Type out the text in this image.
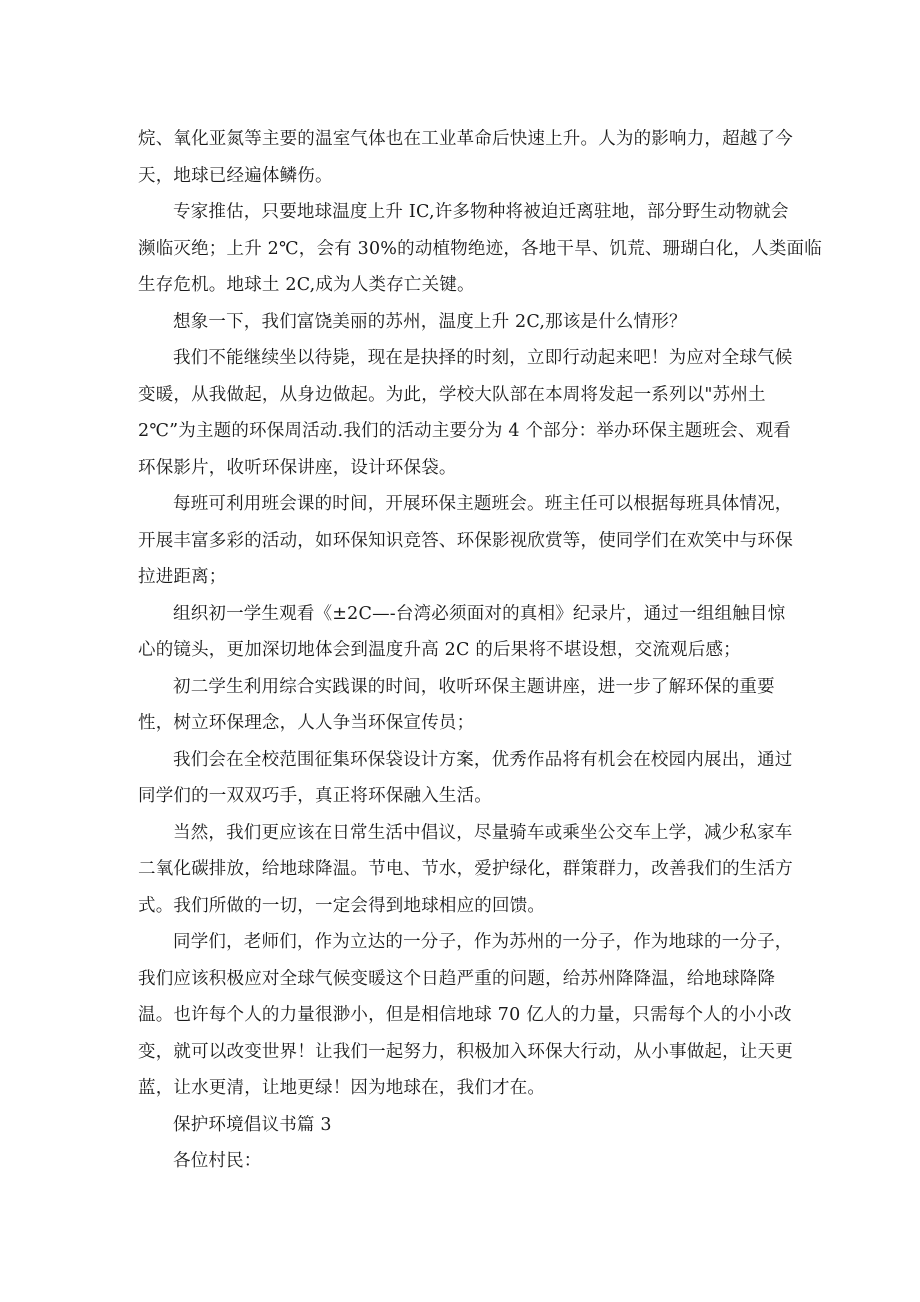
烷、氧化亚氮等主要的温室气体也在工业革命后快速上升。人为的影响力，超越了今
天，地球已经遍体鳞伤。
专家推估，只要地球温度上升 IC,许多物种将被迫迁离驻地，部分野生动物就会
濒临灭绝；上升 2℃，会有 30%的动植物绝迹，各地干旱、饥荒、珊瑚白化，人类面临
生存危机。地球土 2C,成为人类存亡关键。
想象一下，我们富饶美丽的苏州，温度上升 2C,那该是什么情形？
我们不能继续坐以待毙，现在是抉择的时刻，立即行动起来吧！为应对全球气候
变暖，从我做起，从身边做起。为此，学校大队部在本周将发起一系列以"苏州土
2℃”为主题的环保周活动.我们的活动主要分为 4 个部分：举办环保主题班会、观看
环保影片，收听环保讲座，设计环保袋。
每班可利用班会课的时间，开展环保主题班会。班主任可以根据每班具体情况，
开展丰富多彩的活动，如环保知识竞答、环保影视欣赏等，使同学们在欢笑中与环保
拉进距离；
组织初一学生观看《±2C—-台湾必须面对的真相》纪录片，通过一组组触目惊
心的镜头，更加深切地体会到温度升高 2C 的后果将不堪设想，交流观后感；
初二学生利用综合实践课的时间，收听环保主题讲座，进一步了解环保的重要
性，树立环保理念，人人争当环保宣传员；
我们会在全校范围征集环保袋设计方案，优秀作品将有机会在校园内展出，通过
同学们的一双双巧手，真正将环保融入生活。
当然，我们更应该在日常生活中倡议，尽量骑车或乘坐公交车上学，减少私家车
二氧化碳排放，给地球降温。节电、节水，爱护绿化，群策群力，改善我们的生活方
式。我们所做的一切，一定会得到地球相应的回馈。
同学们，老师们，作为立达的一分子，作为苏州的一分子，作为地球的一分子，
我们应该积极应对全球气候变暖这个日趋严重的问题，给苏州降降温，给地球降降
温。也许每个人的力量很渺小，但是相信地球 70 亿人的力量，只需每个人的小小改
变，就可以改变世界！让我们一起努力，积极加入环保大行动，从小事做起，让天更
蓝，让水更清，让地更绿！因为地球在，我们才在。
保护环境倡议书篇 3
各位村民：
